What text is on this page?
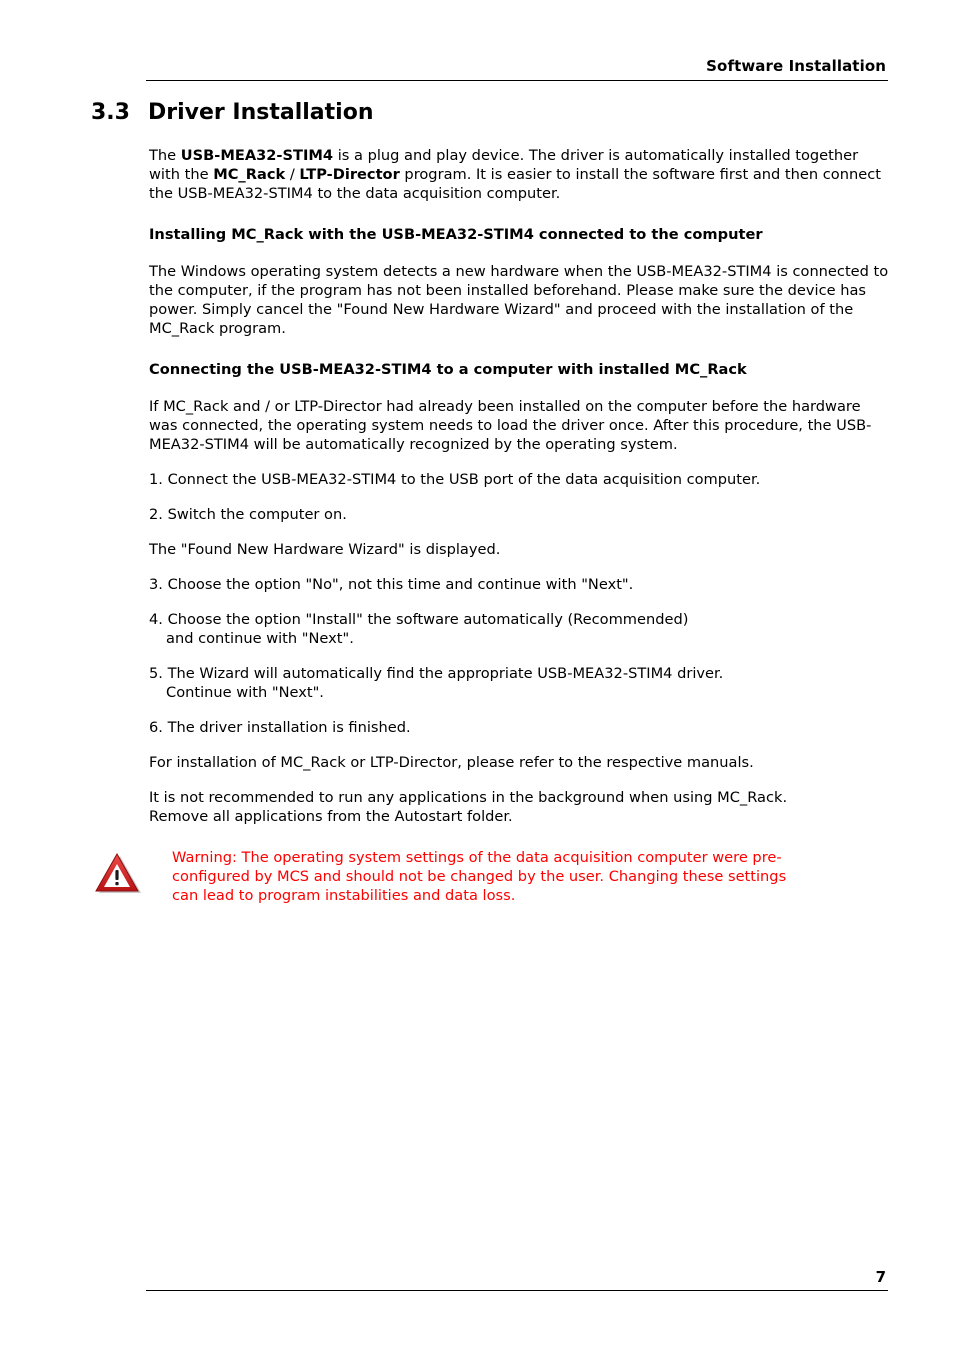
Software Installation
3.3 Driver Installation

The USB-MEA32-STIM4 is a plug and play device. The driver is automatically installed together with the MC_Rack / LTP-Director program. It is easier to install the software first and then connect the USB-MEA32-STIM4 to the data acquisition computer.

Installing MC_Rack with the USB-MEA32-STIM4 connected to the computer

The Windows operating system detects a new hardware when the USB-MEA32-STIM4 is connected to the computer, if the program has not been installed beforehand. Please make sure the device has power. Simply cancel the "Found New Hardware Wizard" and proceed with the installation of the MC_Rack program.

Connecting the USB-MEA32-STIM4 to a computer with installed MC_Rack

If MC_Rack and / or LTP-Director had already been installed on the computer before the hardware was connected, the operating system needs to load the driver once. After this procedure, the USB-MEA32-STIM4 will be automatically recognized by the operating system.

1. Connect the USB-MEA32-STIM4 to the USB port of the data acquisition computer.

2. Switch the computer on.

The "Found New Hardware Wizard" is displayed.

3. Choose the option "No", not this time and continue with "Next".

4. Choose the option "Install" the software automatically (Recommended)

and continue with "Next".

5. The Wizard will automatically find the appropriate USB-MEA32-STIM4 driver.

Continue with "Next".

6. The driver installation is finished.

For installation of MC_Rack or LTP-Director, please refer to the respective manuals.

It is not recommended to run any applications in the background when using MC_Rack.

Remove all applications from the Autostart folder.

Warning: The operating system settings of the data acquisition computer were pre-configured by MCS and should not be changed by the user. Changing these settings can lead to program instabilities and data loss.

7
